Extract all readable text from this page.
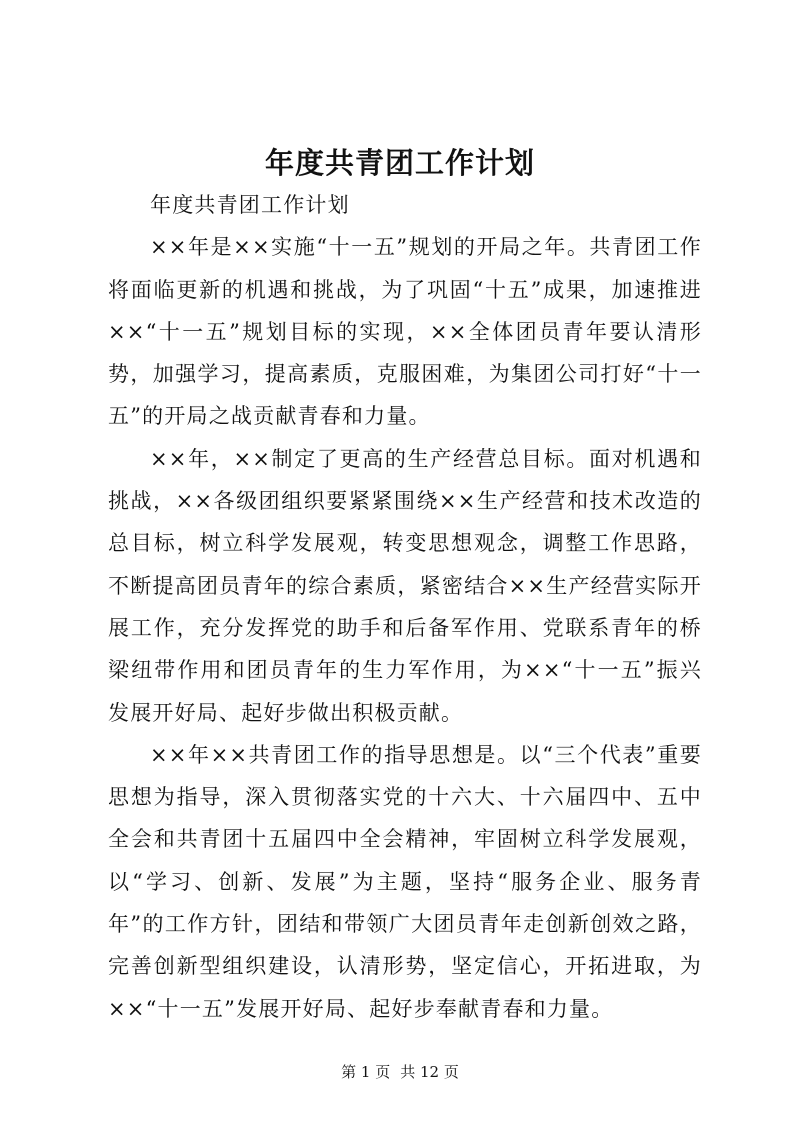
年度共青团工作计划

年度共青团工作计划

××年是××实施“十一五”规划的开局之年。共青团工作将面临更新的机遇和挑战，为了巩固“十五”成果，加速推进××“十一五”规划目标的实现，××全体团员青年要认清形势，加强学习，提高素质，克服困难，为集团公司打好“十一五”的开局之战贡献青春和力量。

××年，××制定了更高的生产经营总目标。面对机遇和挑战，××各级团组织要紧紧围绕××生产经营和技术改造的总目标，树立科学发展观，转变思想观念，调整工作思路，不断提高团员青年的综合素质，紧密结合××生产经营实际开展工作，充分发挥党的助手和后备军作用、党联系青年的桥梁纽带作用和团员青年的生力军作用，为××“十一五”振兴发展开好局、起好步做出积极贡献。

××年××共青团工作的指导思想是。以“三个代表”重要思想为指导，深入贯彻落实党的十六大、十六届四中、五中全会和共青团十五届四中全会精神，牢固树立科学发展观，以“学习、创新、发展”为主题，坚持“服务企业、服务青年”的工作方针，团结和带领广大团员青年走创新创效之路，完善创新型组织建设，认清形势，坚定信心，开拓进取，为××“十一五”发展开好局、起好步奉献青春和力量。

第 1 页 共 12 页
